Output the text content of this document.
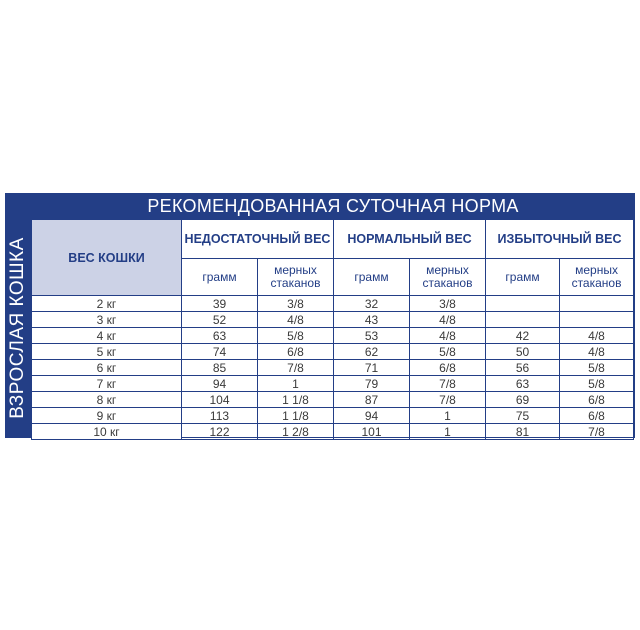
ВЗРОСЛАЯ КОШКА
РЕКОМЕНДОВАННАЯ СУТОЧНАЯ НОРМА
ВЕС КОШКИ	НЕДОСТАТОЧНЫЙ ВЕС		НОРМАЛЬНЫЙ ВЕС		ИЗБЫТОЧНЫЙ ВЕС	
	грамм	мерных стаканов	грамм	мерных стаканов	грамм	мерных стаканов
2 кг	39	3/8	32	3/8		
3 кг	52	4/8	43	4/8		
4 кг	63	5/8	53	4/8	42	4/8
5 кг	74	6/8	62	5/8	50	4/8
6 кг	85	7/8	71	6/8	56	5/8
7 кг	94	1	79	7/8	63	5/8
8 кг	104	1 1/8	87	7/8	69	6/8
9 кг	113	1 1/8	94	1	75	6/8
10 кг	122	1 2/8	101	1	81	7/8
